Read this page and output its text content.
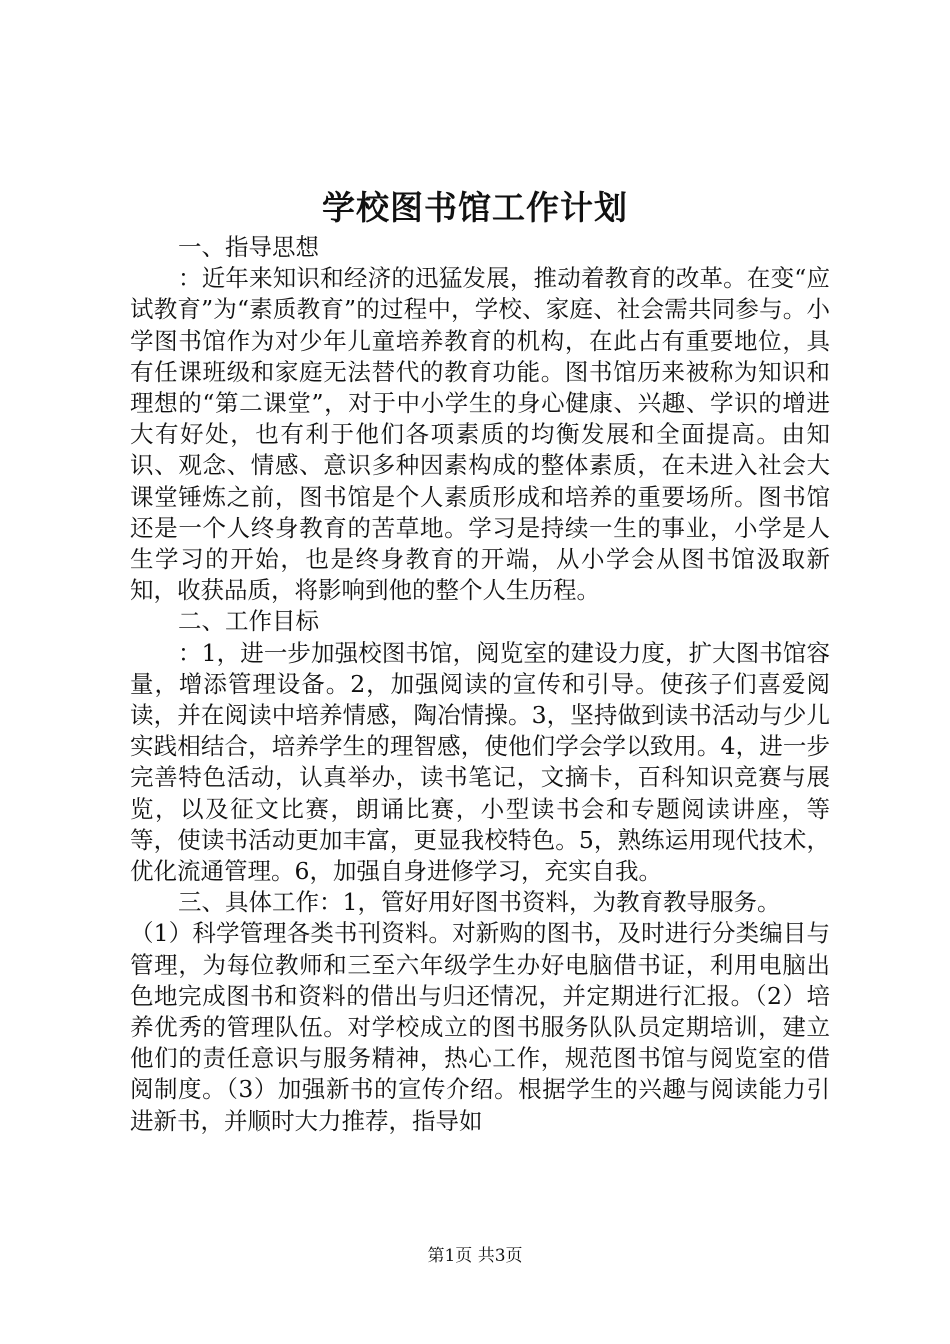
学校图书馆工作计划

一、指导思想

：近年来知识和经济的迅猛发展，推动着教育的改革。在变“应试教育”为“素质教育”的过程中，学校、家庭、社会需共同参与。小学图书馆作为对少年儿童培养教育的机构，在此占有重要地位，具有任课班级和家庭无法替代的教育功能。图书馆历来被称为知识和理想的“第二课堂”，对于中小学生的身心健康、兴趣、学识的增进大有好处，也有利于他们各项素质的均衡发展和全面提高。由知识、观念、情感、意识多种因素构成的整体素质，在未进入社会大课堂锤炼之前，图书馆是个人素质形成和培养的重要场所。图书馆还是一个人终身教育的苦草地。学习是持续一生的事业，小学是人生学习的开始，也是终身教育的开端，从小学会从图书馆汲取新知，收获品质，将影响到他的整个人生历程。

二、工作目标

：1，进一步加强校图书馆，阅览室的建设力度，扩大图书馆容量，增添管理设备。2，加强阅读的宣传和引导。使孩子们喜爱阅读，并在阅读中培养情感，陶冶情操。3，坚持做到读书活动与少儿实践相结合，培养学生的理智感，使他们学会学以致用。4，进一步完善特色活动，认真举办，读书笔记，文摘卡，百科知识竞赛与展览，以及征文比赛，朗诵比赛，小型读书会和专题阅读讲座，等等，使读书活动更加丰富，更显我校特色。5，熟练运用现代技术，优化流通管理。6，加强自身进修学习，充实自我。

三、具体工作：1，管好用好图书资料，为教育教导服务。

（1）科学管理各类书刊资料。对新购的图书，及时进行分类编目与管理，为每位教师和三至六年级学生办好电脑借书证，利用电脑出色地完成图书和资料的借出与归还情况，并定期进行汇报。（2）培养优秀的管理队伍。对学校成立的图书服务队队员定期培训，建立他们的责任意识与服务精神，热心工作，规范图书馆与阅览室的借阅制度。（3）加强新书的宣传介绍。根据学生的兴趣与阅读能力引进新书，并顺时大力推荐，指导如

第1页 共3页
